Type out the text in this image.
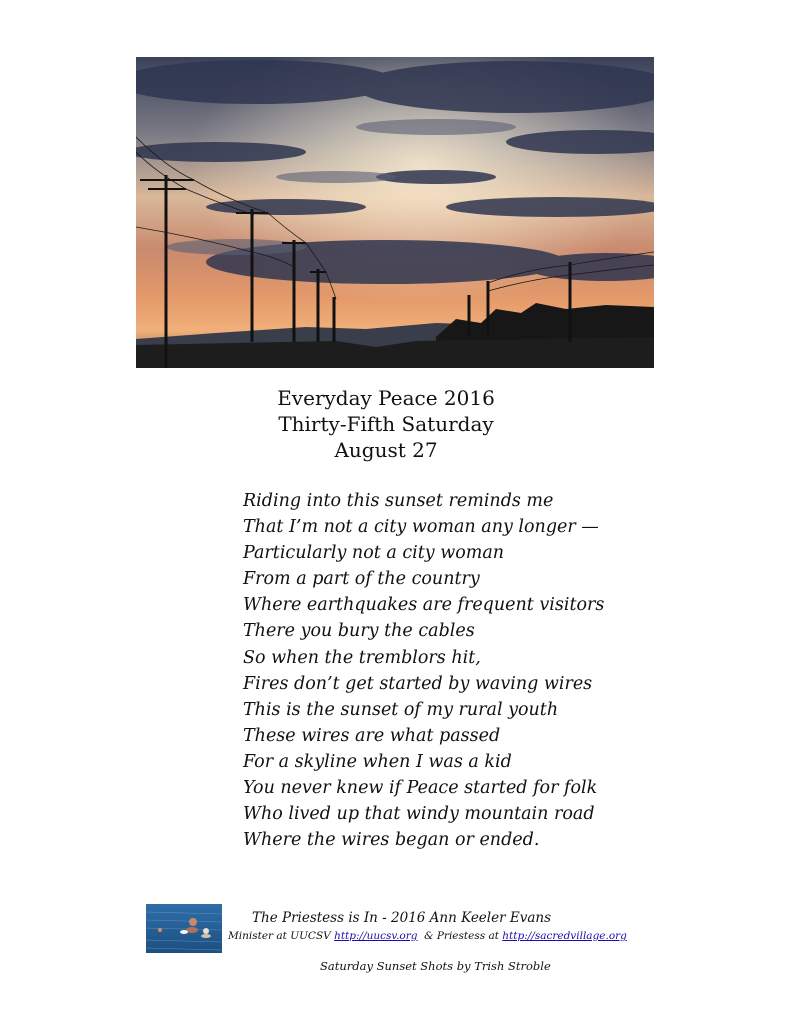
Everyday Peace 2016
Thirty-Fifth Saturday
August 27
Riding into this sunset reminds me
That I’m not a city woman any longer —
Particularly not a city woman
From a part of the country
Where earthquakes are frequent visitors
There you bury the cables
So when the tremblors hit,
Fires don’t get started by waving wires
This is the sunset of my rural youth
These wires are what passed
For a skyline when I was a kid
You never knew if Peace started for folk
Who lived up that windy mountain road
Where the wires began or ended.
The Priestess is In - 2016 Ann Keeler Evans
Minister at UUCSV http://uucsv.org  & Priestess at http://sacredvillage.org
Saturday Sunset Shots by Trish Stroble
